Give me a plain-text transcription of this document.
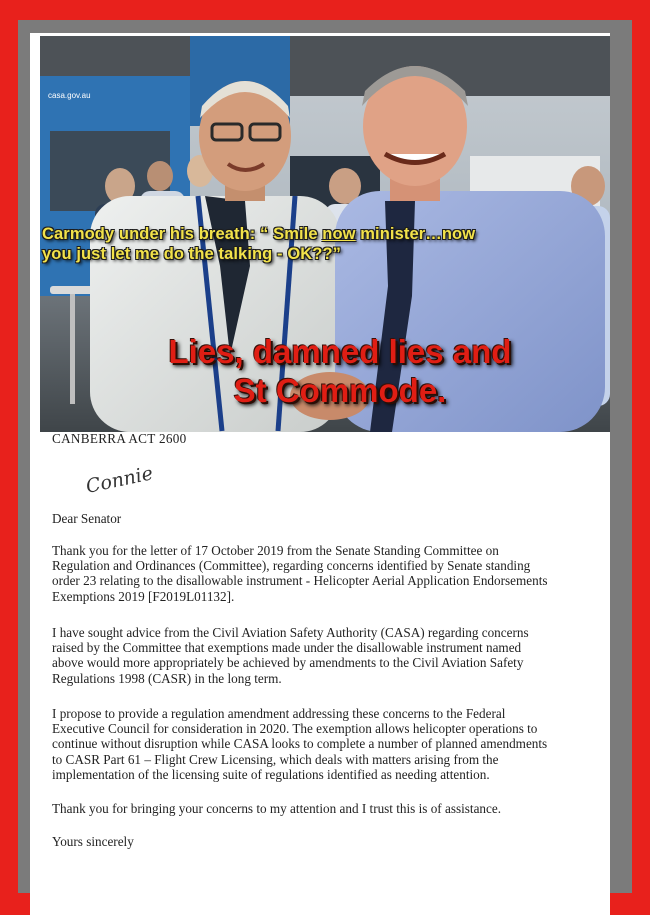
casa.gov.au
Carmody under his breath: “ Smile now minister…now
you just let me do the talking - OK??”
Lies, damned lies and
St Commode.
CANBERRA ACT 2600
Connie
Dear Senator
Thank you for the letter of 17 October 2019 from the Senate Standing Committee on
Regulation and Ordinances (Committee), regarding concerns identified by Senate standing
order 23 relating to the disallowable instrument - Helicopter Aerial Application Endorsements
Exemptions 2019 [F2019L01132].
I have sought advice from the Civil Aviation Safety Authority (CASA) regarding concerns
raised by the Committee that exemptions made under the disallowable instrument named
above would more appropriately be achieved by amendments to the Civil Aviation Safety
Regulations 1998 (CASR) in the long term.
I propose to provide a regulation amendment addressing these concerns to the Federal
Executive Council for consideration in 2020. The exemption allows helicopter operations to
continue without disruption while CASA looks to complete a number of planned amendments
to CASR Part 61 – Flight Crew Licensing, which deals with matters arising from the
implementation of the licensing suite of regulations identified as needing attention.
Thank you for bringing your concerns to my attention and I trust this is of assistance.
Yours sincerely
